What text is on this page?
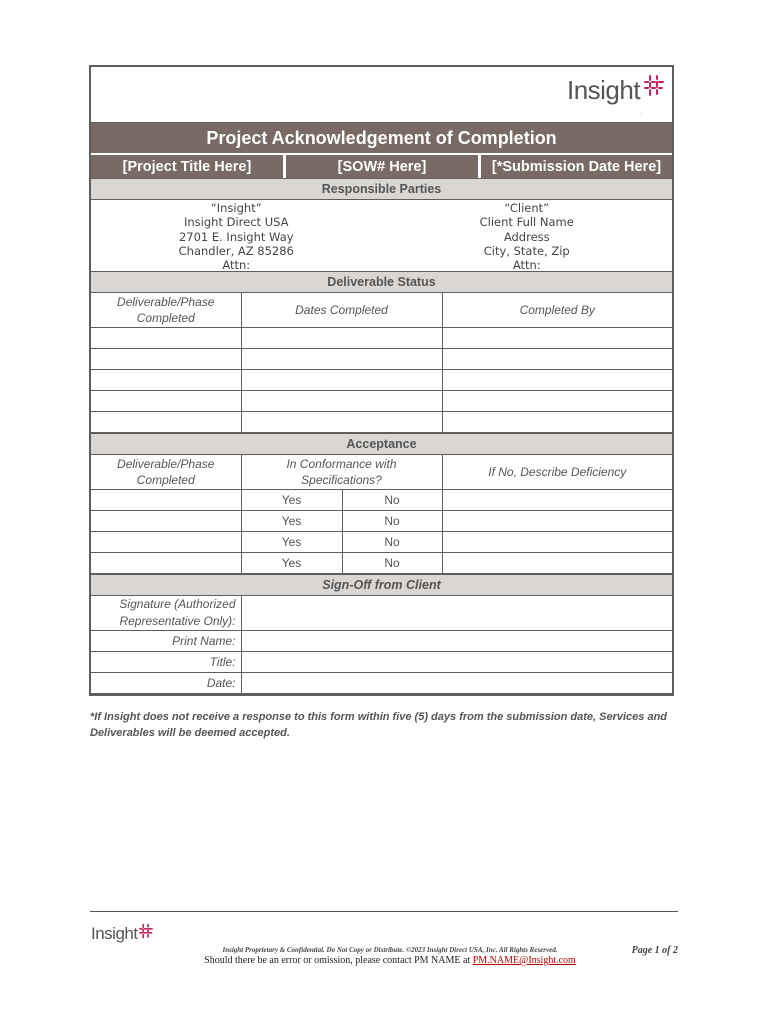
Insight
.
Project Acknowledgement of Completion
[Project Title Here]	[SOW# Here]	[*Submission Date Here]
Responsible Parties
“Insight”
Insight Direct USA
2701 E. Insight Way
Chandler, AZ 85286
Attn:
“Client”
Client Full Name
Address
City, State, Zip
Attn:
Deliverable Status
Deliverable/Phase Completed	Dates Completed	Completed By

Acceptance
Deliverable/Phase Completed	In Conformance with Specifications?		If No, Describe Deficiency
	Yes	No	
	Yes	No	
	Yes	No	
	Yes	No	
Sign-Off from Client
Signature (Authorized Representative Only):	
Print Name:	
Title:	
Date:	
*If Insight does not receive a response to this form within five (5) days from the submission date, Services and Deliverables will be deemed accepted.
Insight
Insight Proprietary & Confidential. Do Not Copy or Distribute. ©2023 Insight Direct USA, Inc. All Rights Reserved.
Should there be an error or omission, please contact PM NAME at PM.NAME@Insight.com
Page 1 of 2
